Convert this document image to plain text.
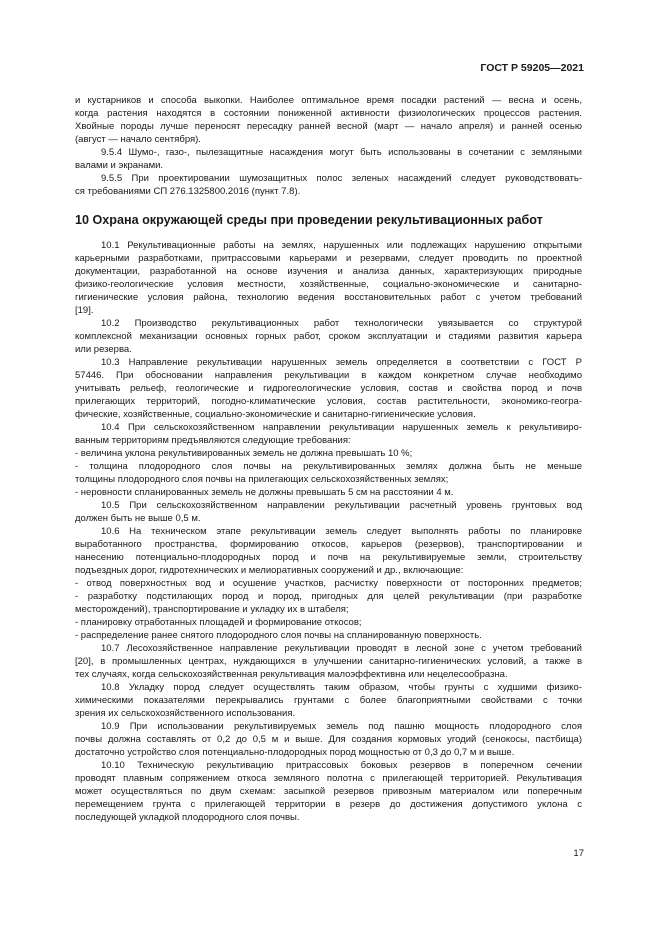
ГОСТ Р 59205—2021
и кустарников и способа выкопки. Наиболее оптимальное время посадки растений — весна и осень,
когда растения находятся в состоянии пониженной активности физиологических процессов растения.
Хвойные породы лучше переносят пересадку ранней весной (март — начало апреля) и ранней осенью
(август — начало сентября).
9.5.4 Шумо-, газо-, пылезащитные насаждения могут быть использованы в сочетании с земляными
валами и экранами.
9.5.5 При проектировании шумозащитных полос зеленых насаждений следует руководствовать-
ся требованиями СП 276.1325800.2016 (пункт 7.8).
10 Охрана окружающей среды при проведении рекультивационных работ
10.1 Рекультивационные работы на землях, нарушенных или подлежащих нарушению открытыми
карьерными разработками, притрассовыми карьерами и резервами, следует проводить по проектной
документации, разработанной на основе изучения и анализа данных, характеризующих природные
физико-геологические условия местности, хозяйственные, социально-экономические и санитарно-
гигиенические условия района, технологию ведения восстановительных работ с учетом требований
[19].
10.2 Производство рекультивационных работ технологически увязывается со структурой
комплексной механизации основных горных работ, сроком эксплуатации и стадиями развития карьера
или резерва.
10.3 Направление рекультивации нарушенных земель определяется в соответствии с ГОСТ Р
57446. При обосновании направления рекультивации в каждом конкретном случае необходимо
учитывать рельеф, геологические и гидрогеологические условия, состав и свойства пород и почв
прилегающих территорий, погодно-климатические условия, состав растительности, экономико-геогра-
фические, хозяйственные, социально-экономические и санитарно-гигиенические условия.
10.4 При сельскохозяйственном направлении рекультивации нарушенных земель к рекультивиро-
ванным территориям предъявляются следующие требования:
- величина уклона рекультивированных земель не должна превышать 10 %;
- толщина плодородного слоя почвы на рекультивированных землях должна быть не меньше
толщины плодородного слоя почвы на прилегающих сельскохозяйственных землях;
- неровности спланированных земель не должны превышать 5 см на расстоянии 4 м.
10.5 При сельскохозяйственном направлении рекультивации расчетный уровень грунтовых вод
должен быть не выше 0,5 м.
10.6 На техническом этапе рекультивации земель следует выполнять работы по планировке
выработанного пространства, формированию откосов, карьеров (резервов), транспортировании и
нанесению потенциально-плодородных пород и почв на рекультивируемые земли, строительству
подъездных дорог, гидротехнических и мелиоративных сооружений и др., включающие:
- отвод поверхностных вод и осушение участков, расчистку поверхности от посторонних предметов;
- разработку подстилающих пород и пород, пригодных для целей рекультивации (при разработке
месторождений), транспортирование и укладку их в штабеля;
- планировку отработанных площадей и формирование откосов;
- распределение ранее снятого плодородного слоя почвы на спланированную поверхность.
10.7 Лесохозяйственное направление рекультивации проводят в лесной зоне с учетом требований
[20], в промышленных центрах, нуждающихся в улучшении санитарно-гигиенических условий, а также в
тех случаях, когда сельскохозяйственная рекультивация малоэффективна или нецелесообразна.
10.8 Укладку пород следует осуществлять таким образом, чтобы грунты с худшими физико-
химическими показателями перекрывались грунтами с более благоприятными свойствами с точки
зрения их сельскохозяйственного использования.
10.9 При использовании рекультивируемых земель под пашню мощность плодородного слоя
почвы должна составлять от 0,2 до 0,5 м и выше. Для создания кормовых угодий (сенокосы, пастбища)
достаточно устройство слоя потенциально-плодородных пород мощностью от 0,3 до 0,7 м и выше.
10.10 Техническую рекультивацию притрассовых боковых резервов в поперечном сечении
проводят плавным сопряжением откоса земляного полотна с прилегающей территорией. Рекультивация
может осуществляться по двум схемам: засыпкой резервов привозным материалом или поперечным
перемещением грунта с прилегающей территории в резерв до достижения допустимого уклона с
последующей укладкой плодородного слоя почвы.
17
